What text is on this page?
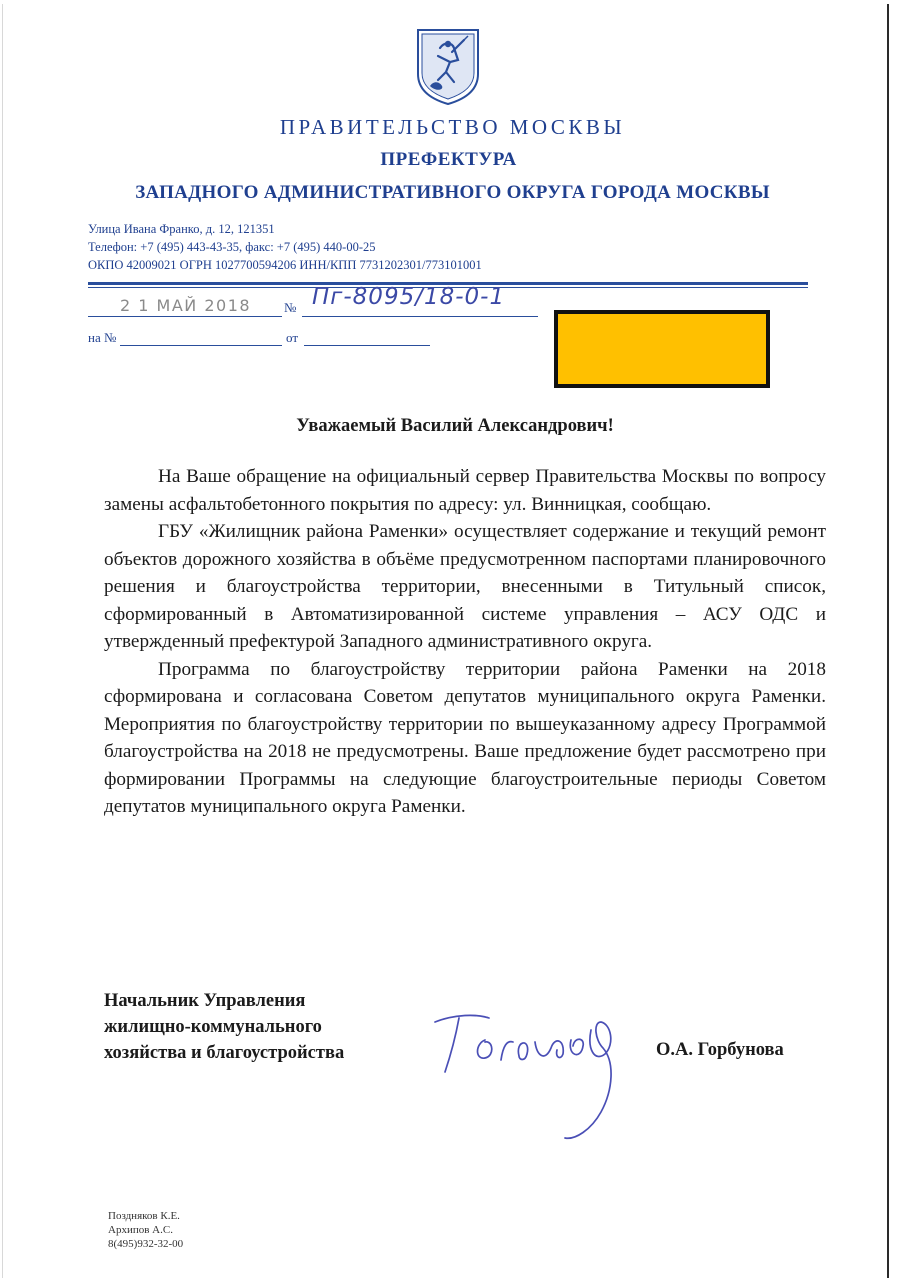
ПРАВИТЕЛЬСТВО МОСКВЫ
ПРЕФЕКТУРА
ЗАПАДНОГО АДМИНИСТРАТИВНОГО ОКРУГА ГОРОДА МОСКВЫ
Улица Ивана Франко, д. 12, 121351
Телефон: +7 (495) 443-43-35, факс: +7 (495) 440-00-25
ОКПО 42009021 ОГРН 1027700594206 ИНН/КПП 7731202301/773101001
2 1 МАЙ 2018	№ Пг-8095/18-0-1
на №	от
Уважаемый Василий Александрович!

На Ваше обращение на официальный сервер Правительства Москвы по вопросу замены асфальтобетонного покрытия по адресу: ул. Винницкая, сообщаю.

ГБУ «Жилищник района Раменки» осуществляет содержание и текущий ремонт объектов дорожного хозяйства в объёме предусмотренном паспортами планировочного решения и благоустройства территории, внесенными в Титульный список, сформированный в Автоматизированной системе управления – АСУ ОДС и утвержденный префектурой Западного административного округа.

Программа по благоустройству территории района Раменки на 2018 сформирована и согласована Советом депутатов муниципального округа Раменки. Мероприятия по благоустройству территории по вышеуказанному адресу Программой благоустройства на 2018 не предусмотрены. Ваше предложение будет рассмотрено при формировании Программы на следующие благоустроительные периоды Советом депутатов муниципального округа Раменки.

Начальник Управления
жилищно-коммунального
хозяйства и благоустройства	О.А. Горбунова
Поздняков К.Е.
Архипов А.С.
8(495)932-32-00
